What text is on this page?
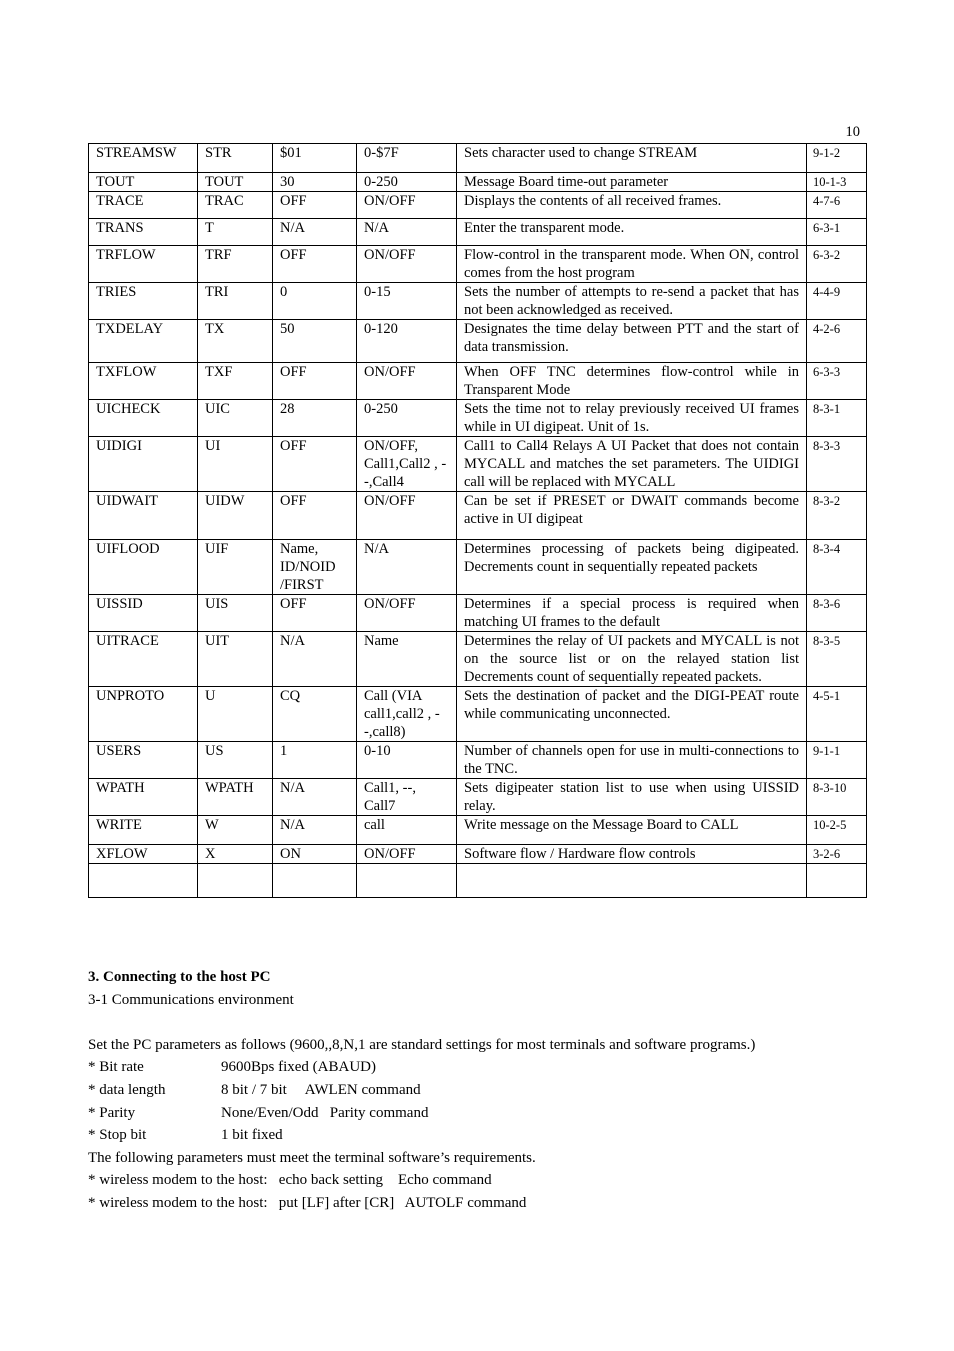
10
STREAMSW	STR	$01	0-$7F	Sets character used to change STREAM	9-1-2
TOUT	TOUT	30	0-250	Message Board time-out parameter	10-1-3
TRACE	TRAC	OFF	ON/OFF	Displays the contents of all received frames.	4-7-6
TRANS	T	N/A	N/A	Enter the transparent mode.	6-3-1
TRFLOW	TRF	OFF	ON/OFF	Flow-control in the transparent mode. When ON, control comes from the host program	6-3-2
TRIES	TRI	0	0-15	Sets the number of attempts to re-send a packet that has not been acknowledged as received.	4-4-9
TXDELAY	TX	50	0-120	Designates the time delay between PTT and the start of data transmission.	4-2-6
TXFLOW	TXF	OFF	ON/OFF	When OFF TNC determines flow-control while in Transparent Mode	6-3-3
UICHECK	UIC	28	0-250	Sets the time not to relay previously received UI frames while in UI digipeat. Unit of 1s.	8-3-1
UIDIGI	UI	OFF	ON/OFF, Call1,Call2 , --,Call4	Call1 to Call4 Relays A UI Packet that does not contain MYCALL and matches the set parameters. The UIDIGI call will be replaced with MYCALL	8-3-3
UIDWAIT	UIDW	OFF	ON/OFF	Can be set if PRESET or DWAIT commands become active in UI digipeat	8-3-2
UIFLOOD	UIF	Name, ID/NOID /FIRST	N/A	Determines processing of packets being digipeated. Decrements count in sequentially repeated packets	8-3-4
UISSID	UIS	OFF	ON/OFF	Determines if a special process is required when matching UI frames to the default	8-3-6
UITRACE	UIT	N/A	Name	Determines the relay of UI packets and MYCALL is not on the source list or on the relayed station list Decrements count of sequentially repeated packets.	8-3-5
UNPROTO	U	CQ	Call (VIA call1,call2 , --,call8)	Sets the destination of packet and the DIGI-PEAT route while communicating unconnected.	4-5-1
USERS	US	1	0-10	Number of channels open for use in multi-connections to the TNC.	9-1-1
WPATH	WPATH	N/A	Call1, --, Call7	Sets digipeater station list to use when using UISSID relay.	8-3-10
WRITE	W	N/A	call	Write message on the Message Board to CALL	10-2-5
XFLOW	X	ON	ON/OFF	Software flow / Hardware flow controls	3-2-6

3. Connecting to the host PC

3-1 Communications environment

Set the PC parameters as follows (9600,,8,N,1 are standard settings for most terminals and software programs.)

* Bit rate	9600Bps fixed (ABAUD)
* data length	8 bit / 7 bit     AWLEN command
* Parity	None/Even/Odd   Parity command
* Stop bit	1 bit fixed

The following parameters must meet the terminal software’s requirements.

* wireless modem to the host:   echo back setting    Echo command

* wireless modem to the host:   put [LF] after [CR]   AUTOLF command
